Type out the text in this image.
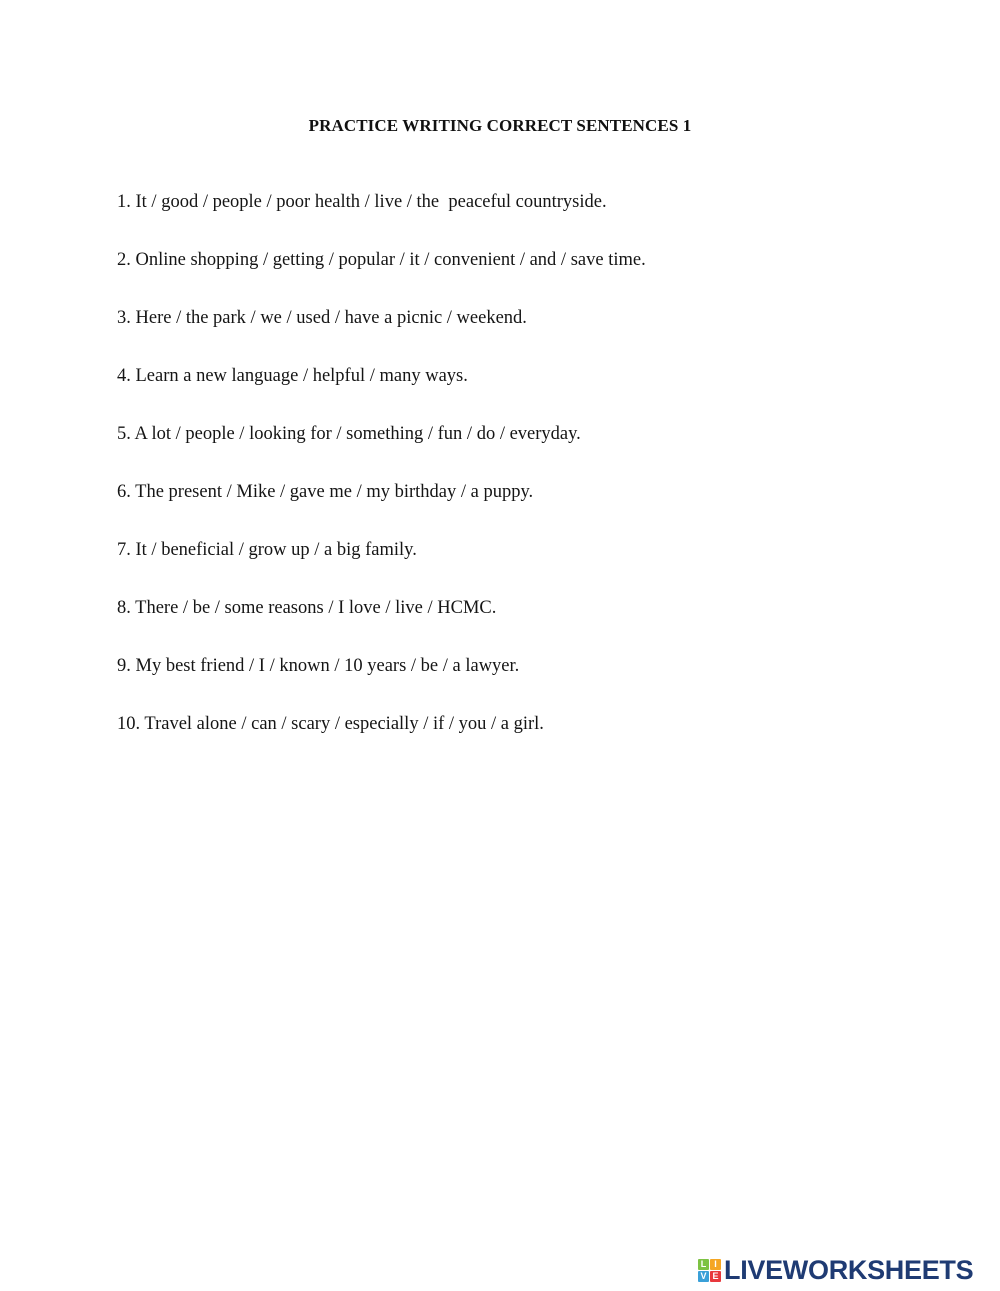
PRACTICE WRITING CORRECT SENTENCES 1
1. It / good / people / poor health / live / the  peaceful countryside.
2. Online shopping / getting / popular / it / convenient / and / save time.
3. Here / the park / we / used / have a picnic / weekend.
4. Learn a new language / helpful / many ways.
5. A lot / people / looking for / something / fun / do / everyday.
6. The present / Mike / gave me / my birthday / a puppy.
7. It / beneficial / grow up / a big family.
8. There / be / some reasons / I love / live / HCMC.
9. My best friend / I / known / 10 years / be / a lawyer.
10. Travel alone / can / scary / especially / if / you / a girl.
L I
V E LIVEWORKSHEETS
